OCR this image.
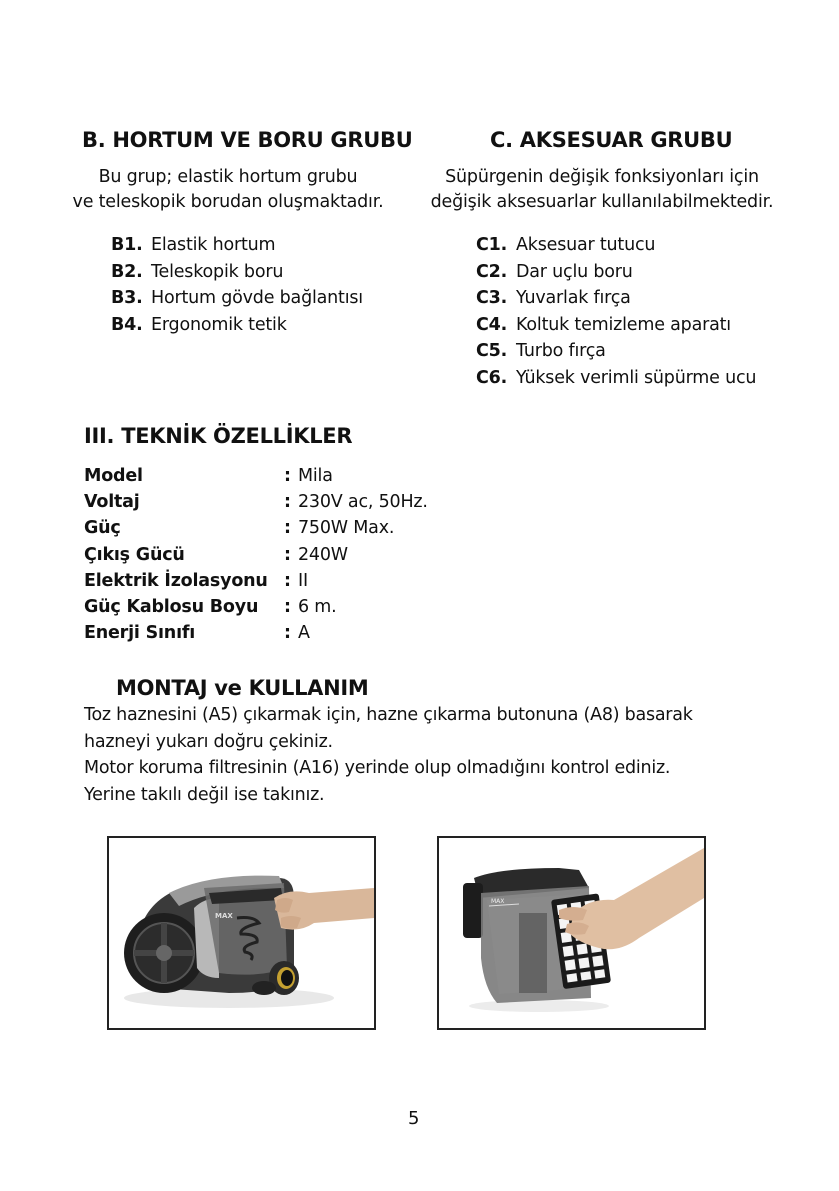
B. HORTUM VE BORU GRUBU
Bu grup; elastik hortum grubu
ve teleskopik borudan oluşmaktadır.
B1. Elastik hortum
B2. Teleskopik boru
B3. Hortum gövde bağlantısı
B4. Ergonomik tetik
C. AKSESUAR GRUBU
Süpürgenin değişik fonksiyonları için
değişik aksesuarlar kullanılabilmektedir.
C1. Aksesuar tutucu
C2. Dar uçlu boru
C3. Yuvarlak fırça
C4. Koltuk temizleme aparatı
C5. Turbo fırça
C6. Yüksek verimli süpürme ucu
III. TEKNİK ÖZELLİKLER
Model	: Mila
Voltaj	: 230V ac, 50Hz.
Güç	: 750W Max.
Çıkış Gücü	: 240W
Elektrik İzolasyonu : II
Güç Kablosu Boyu : 6 m.
Enerji Sınıfı	: A
MONTAJ ve KULLANIM
Toz haznesini (A5) çıkarmak için, hazne çıkarma butonuna (A8) basarak
hazneyi yukarı doğru çekiniz.
Motor koruma filtresinin (A16) yerinde olup olmadığını kontrol ediniz.
Yerine takılı değil ise takınız.
MAX
MAX
5
